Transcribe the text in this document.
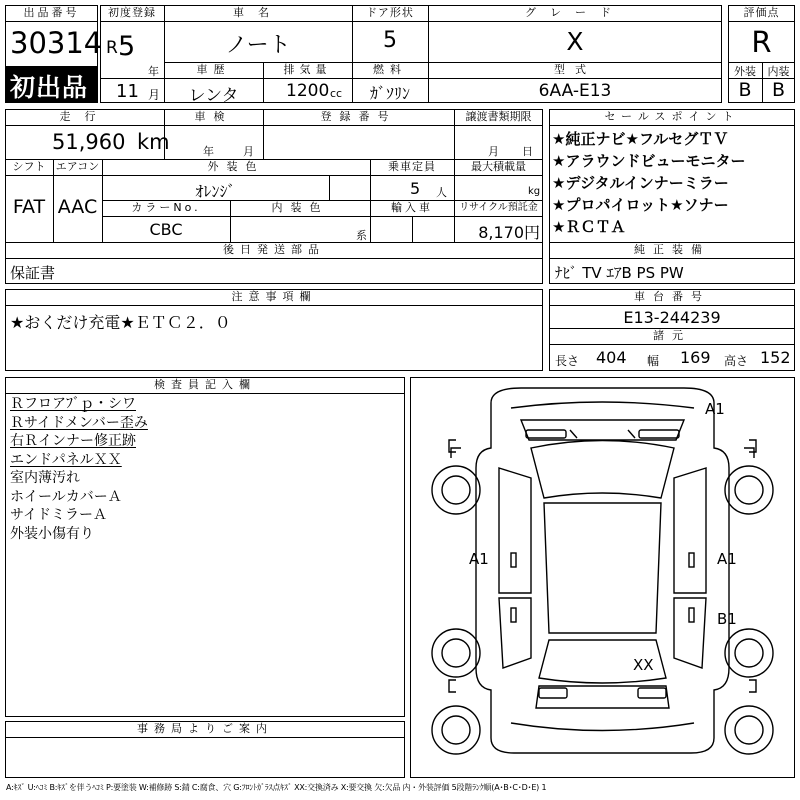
出品番号
30314
初出品
初度登録
R 5
年
11 月
車名
ノート
ドア形状
5
グレード
X
車歴
レンタ
排気量
1200 cc
燃料
ｶﾞｿﾘﾝ
型式
6AA-E13
評価点
R
外装	内装
B	B
走行
51,960 km
車検
年	月
登録番号	譲渡書類期限
月 日
シフト
FAT
エアコン
AAC
外装色
ｵﾚﾝｼﾞ
乗車定員
5 人
最大積載量
kg
カラーNo.
CBC
内装色
系
輸入車	リサイクル預託金
8,170円
後日発送部品
保証書
セールスポイント
★純正ナビ★フルセグＴＶ
★アラウンドビューモニター
★デジタルインナーミラー
★プロパイロット★ソナー
★ＲＣＴＡ
純正装備
ﾅﾋﾞ TV ｴｱB PS PW
注意事項欄
★おくだけ充電★ＥＴＣ２．０
車台番号
E13-244239
諸元
長さ 404 幅 169 高さ 152
検査員記入欄
Ｒフロアﾌﾞｐ・シワ
Ｒサイドメンバー歪み
右Ｒインナー修正跡
エンドパネルＸＸ
室内薄汚れ
ホイールカバーＡ
サイドミラーＡ
外装小傷有り
事務局よりご案内
A1
A1	A1
B1
XX
A:ｷｽﾞ U:ﾍｺﾐ B:ｷｽﾞを伴うﾍｺﾐ P:要塗装 W:補修跡 S:錆 C:腐食、穴 G:ﾌﾛﾝﾄｶﾞﾗｽ点ｷｽﾞ XX:交換済み X:要交換 欠:欠品 内・外装評価 5段階ﾗﾝｸ順(A･B･C･D･E) 1
